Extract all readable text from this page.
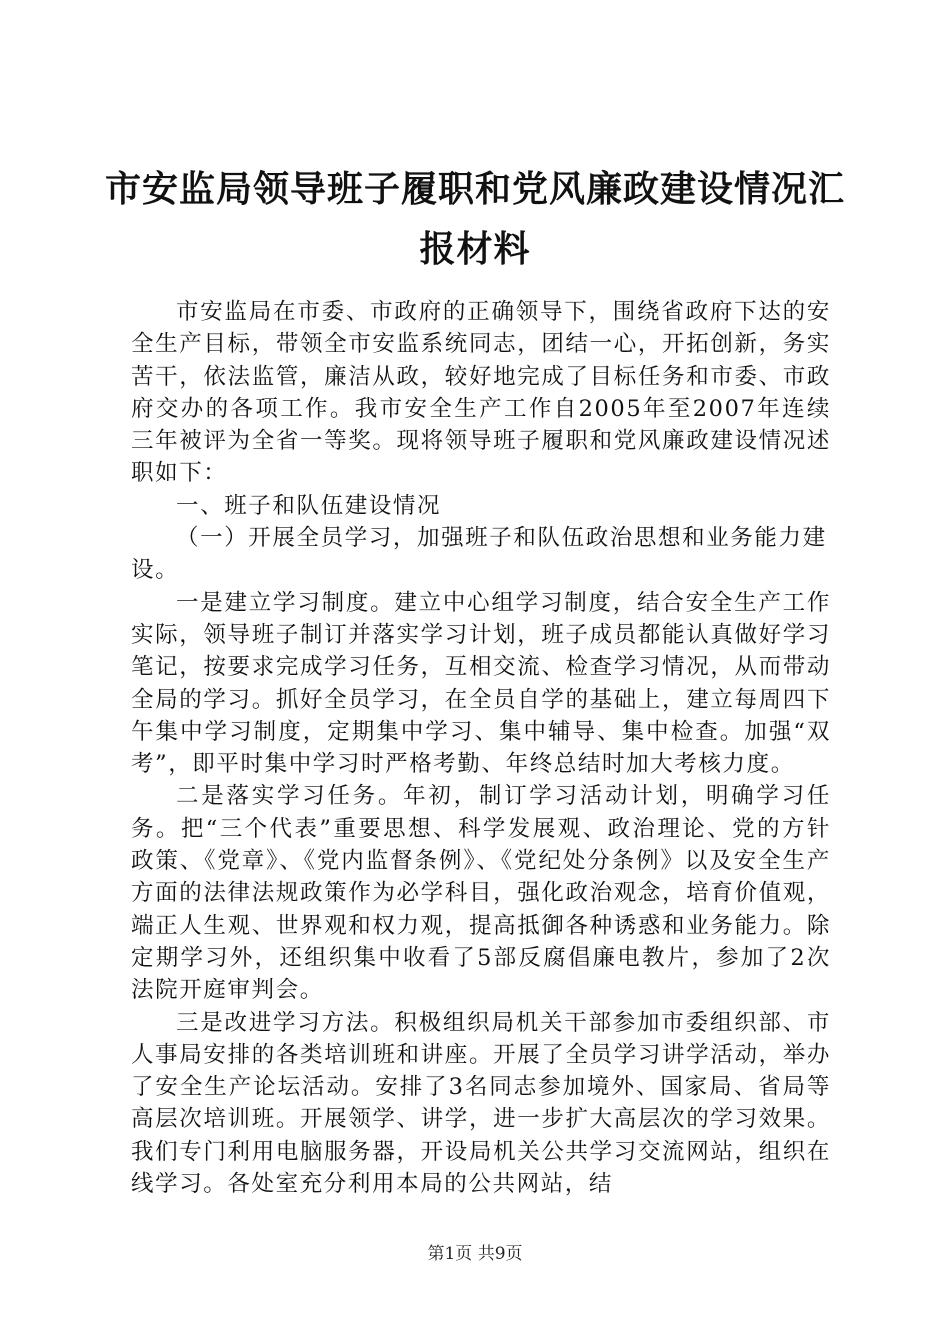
市安监局领导班子履职和党风廉政建设情况汇
报材料

市安监局在市委、市政府的正确领导下，围绕省政府下达的安全生产目标，带领全市安监系统同志，团结一心，开拓创新，务实苦干，依法监管，廉洁从政，较好地完成了目标任务和市委、市政府交办的各项工作。我市安全生产工作自2005年至2007年连续三年被评为全省一等奖。现将领导班子履职和党风廉政建设情况述职如下：

一、班子和队伍建设情况

（一）开展全员学习，加强班子和队伍政治思想和业务能力建设。

一是建立学习制度。建立中心组学习制度，结合安全生产工作实际，领导班子制订并落实学习计划，班子成员都能认真做好学习笔记，按要求完成学习任务，互相交流、检查学习情况，从而带动全局的学习。抓好全员学习，在全员自学的基础上，建立每周四下午集中学习制度，定期集中学习、集中辅导、集中检查。加强“双考”，即平时集中学习时严格考勤、年终总结时加大考核力度。

二是落实学习任务。年初，制订学习活动计划，明确学习任务。把“三个代表”重要思想、科学发展观、政治理论、党的方针政策、《党章》、《党内监督条例》、《党纪处分条例》以及安全生产方面的法律法规政策作为必学科目，强化政治观念，培育价值观，端正人生观、世界观和权力观，提高抵御各种诱惑和业务能力。除定期学习外，还组织集中收看了5部反腐倡廉电教片，参加了2次法院开庭审判会。

三是改进学习方法。积极组织局机关干部参加市委组织部、市人事局安排的各类培训班和讲座。开展了全员学习讲学活动，举办了安全生产论坛活动。安排了3名同志参加境外、国家局、省局等高层次培训班。开展领学、讲学，进一步扩大高层次的学习效果。我们专门利用电脑服务器，开设局机关公共学习交流网站，组织在线学习。各处室充分利用本局的公共网站，结

第1页 共9页
